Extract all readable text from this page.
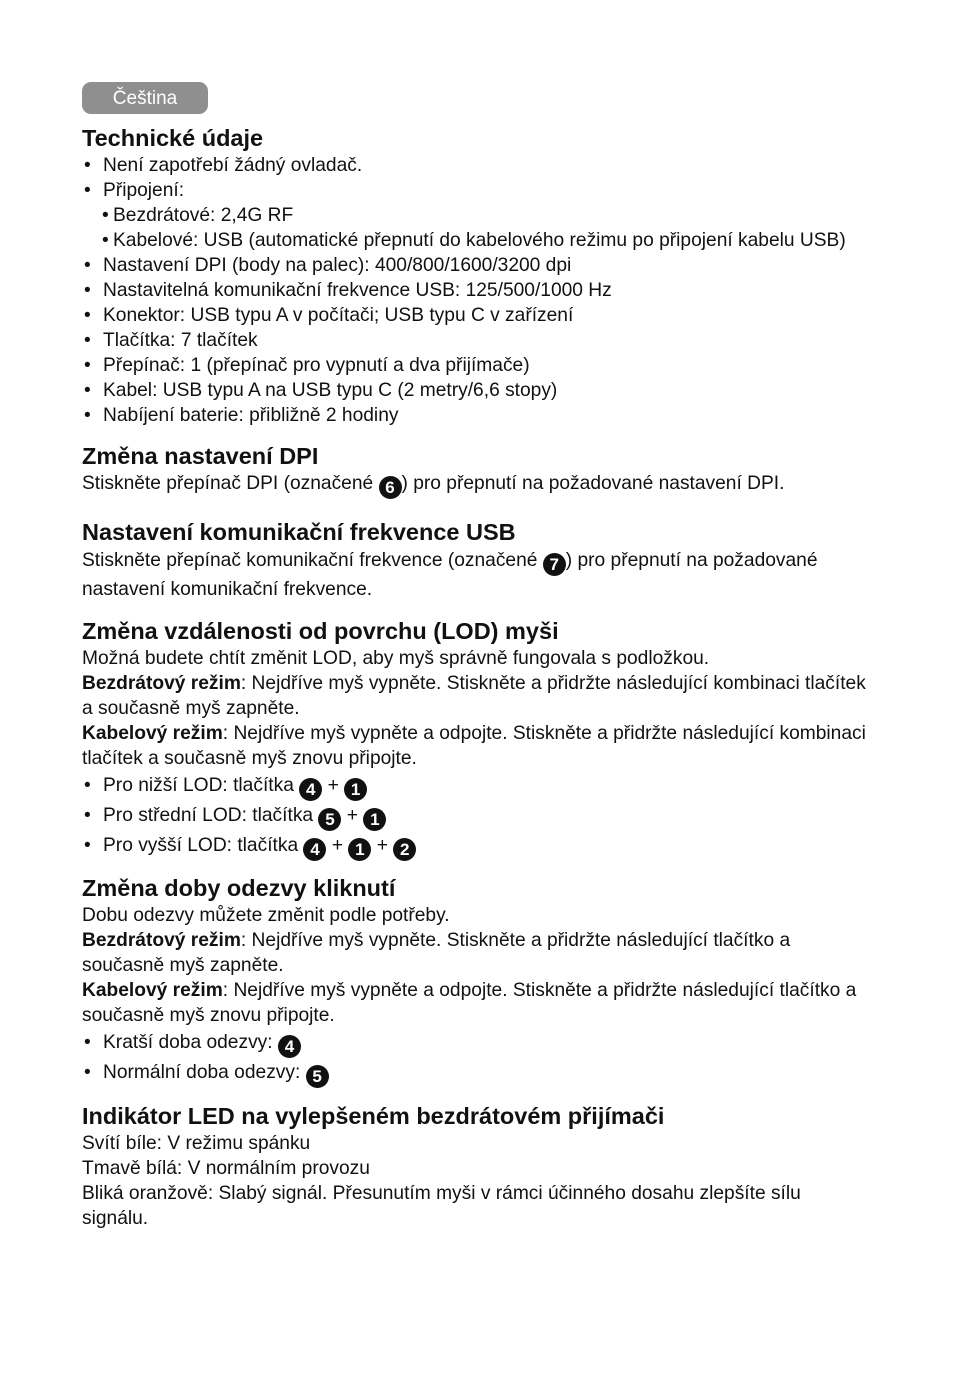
Čeština
Technické údaje
• Není zapotřebí žádný ovladač.
• Připojení:
• Bezdrátové: 2,4G RF
• Kabelové: USB (automatické přepnutí do kabelového režimu po připojení kabelu USB)
• Nastavení DPI (body na palec): 400/800/1600/3200 dpi
• Nastavitelná komunikační frekvence USB: 125/500/1000 Hz
• Konektor: USB typu A v počítači; USB typu C v zařízení
• Tlačítka: 7 tlačítek
• Přepínač: 1 (přepínač pro vypnutí a dva přijímače)
• Kabel: USB typu A na USB typu C (2 metry/6,6 stopy)
• Nabíjení baterie: přibližně 2 hodiny
Změna nastavení DPI

Stiskněte přepínač DPI (označené 6 ) pro přepnutí na požadované nastavení DPI.

Nastavení komunikační frekvence USB

Stiskněte přepínač komunikační frekvence (označené 7 ) pro přepnutí na požadované nastavení komunikační frekvence.

Změna vzdálenosti od povrchu (LOD) myši

Možná budete chtít změnit LOD, aby myš správně fungovala s podložkou.

Bezdrátový režim: Nejdříve myš vypněte. Stiskněte a přidržte následující kombinaci tlačítek a současně myš zapněte.

Kabelový režim: Nejdříve myš vypněte a odpojte. Stiskněte a přidržte následující kombinaci tlačítek a současně myš znovu připojte.

• Pro nižší LOD: tlačítka 4 + 1
• Pro střední LOD: tlačítka 5 + 1
• Pro vyšší LOD: tlačítka 4 + 1 + 2
Změna doby odezvy kliknutí

Dobu odezvy můžete změnit podle potřeby.

Bezdrátový režim: Nejdříve myš vypněte. Stiskněte a přidržte následující tlačítko a současně myš zapněte.

Kabelový režim: Nejdříve myš vypněte a odpojte. Stiskněte a přidržte následující tlačítko a současně myš znovu připojte.

• Kratší doba odezvy: 4
• Normální doba odezvy: 5
Indikátor LED na vylepšeném bezdrátovém přijímači

Svítí bíle: V režimu spánku

Tmavě bílá: V normálním provozu

Bliká oranžově: Slabý signál. Přesunutím myši v rámci účinného dosahu zlepšíte sílu signálu.
